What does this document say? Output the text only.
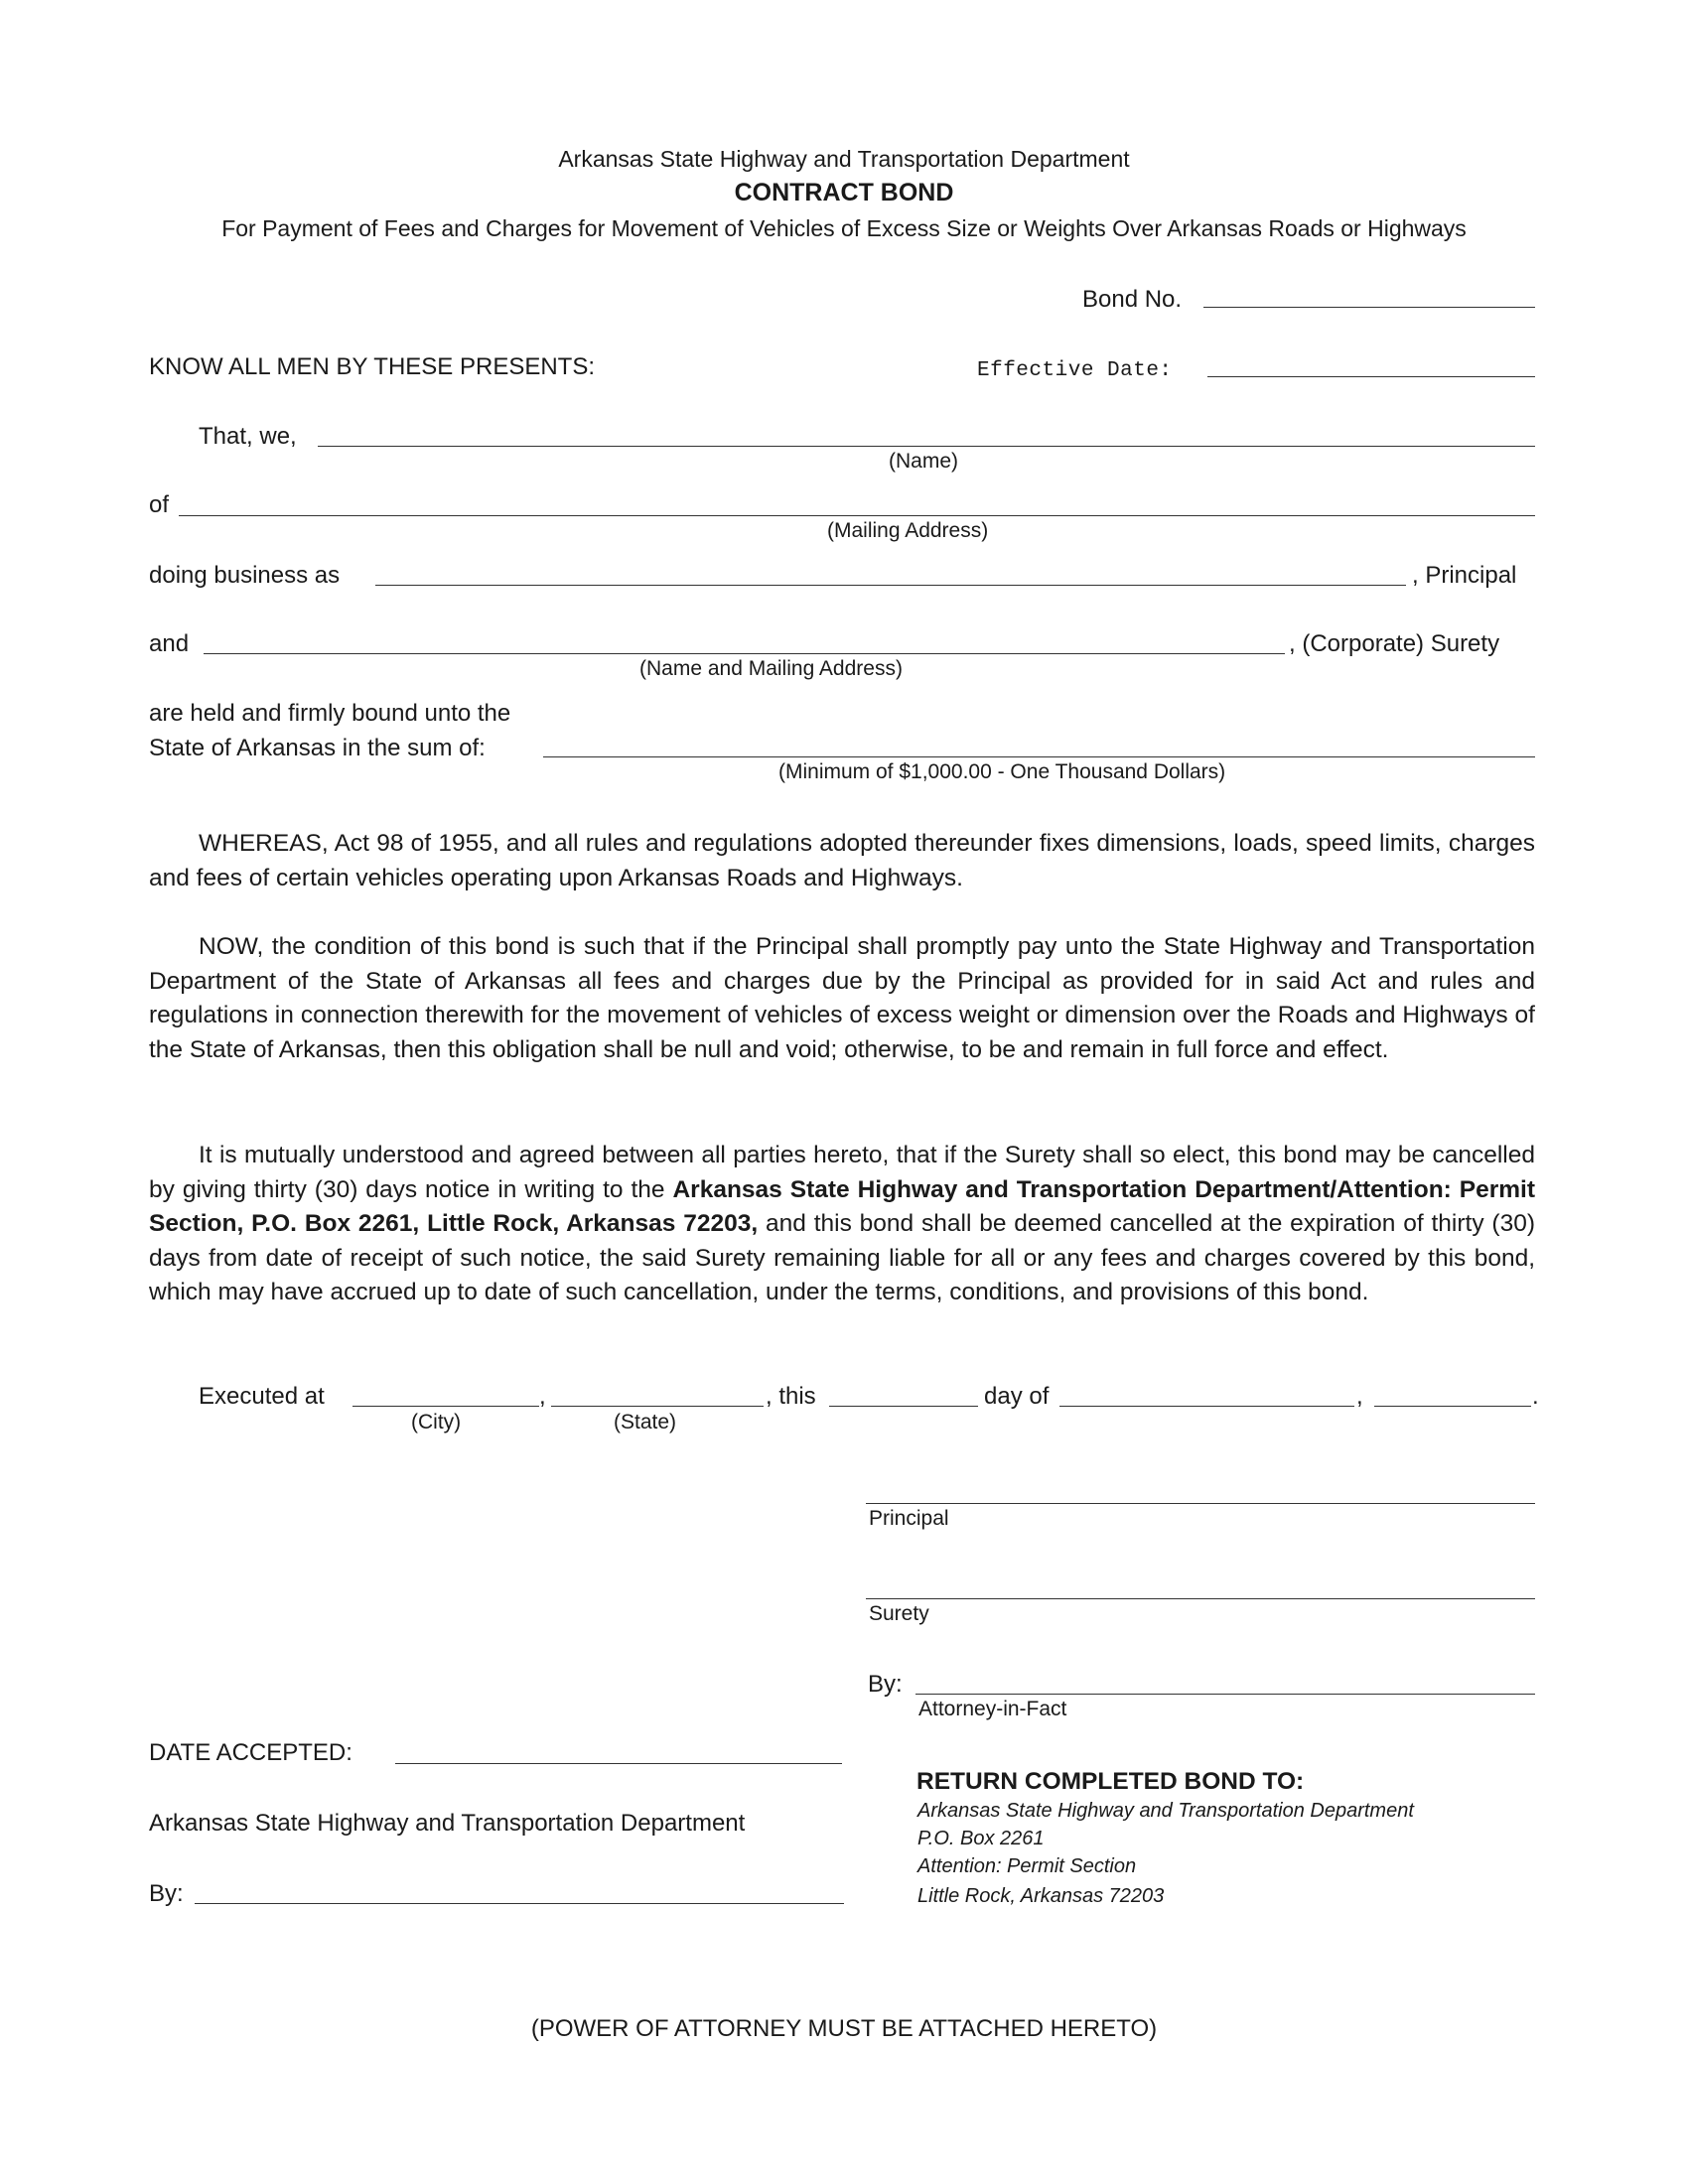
Arkansas State Highway and Transportation Department
CONTRACT BOND
For Payment of Fees and Charges for Movement of Vehicles of Excess Size or Weights Over Arkansas Roads or Highways
Bond No.
KNOW ALL MEN BY THESE PRESENTS:	Effective Date:
That, we,
(Name)
of
(Mailing Address)
doing business as	, Principal
and	, (Corporate) Surety
(Name and Mailing Address)
are held and firmly bound unto the
State of Arkansas in the sum of:
(Minimum of $1,000.00 - One Thousand Dollars)
WHEREAS, Act 98 of 1955, and all rules and regulations adopted thereunder fixes dimensions, loads, speed limits, charges and fees of certain vehicles operating upon Arkansas Roads and Highways.
NOW, the condition of this bond is such that if the Principal shall promptly pay unto the State Highway and Transportation Department of the State of Arkansas all fees and charges due by the Principal as provided for in said Act and rules and regulations in connection therewith for the movement of vehicles of excess weight or dimension over the Roads and Highways of the State of Arkansas, then this obligation shall be null and void; otherwise, to be and remain in full force and effect.
It is mutually understood and agreed between all parties hereto, that if the Surety shall so elect, this bond may be cancelled by giving thirty (30) days notice in writing to the Arkansas State Highway and Transportation Department/Attention: Permit Section, P.O. Box 2261, Little Rock, Arkansas 72203, and this bond shall be deemed cancelled at the expiration of thirty (30) days from date of receipt of such notice, the said Surety remaining liable for all or any fees and charges covered by this bond, which may have accrued up to date of such cancellation, under the terms, conditions, and provisions of this bond.
Executed at	,	, this	day of	,	.
(City)	(State)
Principal
Surety
By:
Attorney-in-Fact
DATE ACCEPTED:
Arkansas State Highway and Transportation Department
By:
RETURN COMPLETED BOND TO:
Arkansas State Highway and Transportation Department
P.O. Box 2261
Attention: Permit Section
Little Rock, Arkansas 72203
(POWER OF ATTORNEY MUST BE ATTACHED HERETO)
